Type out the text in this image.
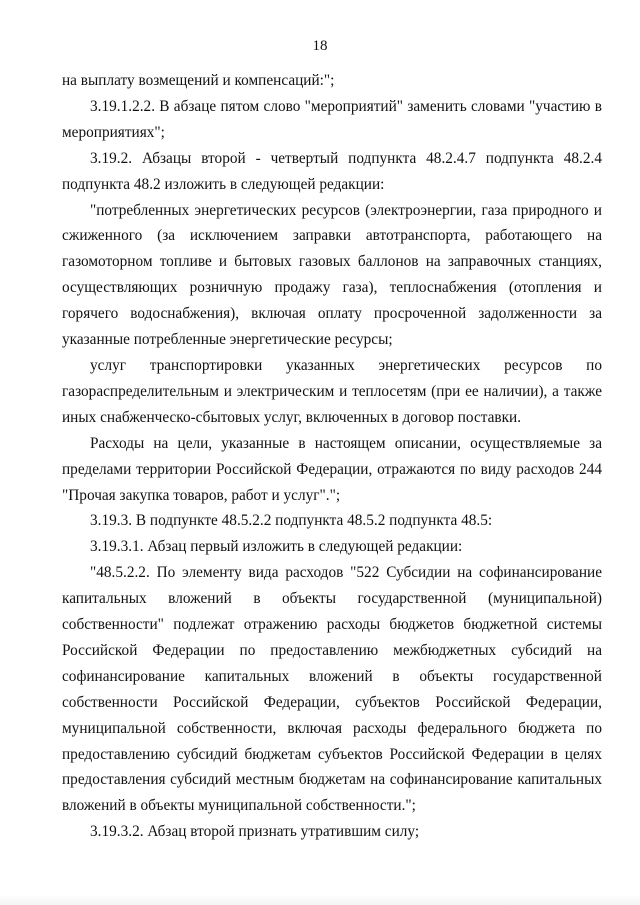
18

на выплату возмещений и компенсаций:";

3.19.1.2.2. В абзаце пятом слово "мероприятий" заменить словами "участию в мероприятиях";

3.19.2. Абзацы второй - четвертый подпункта 48.2.4.7 подпункта 48.2.4 подпункта 48.2 изложить в следующей редакции:

"потребленных энергетических ресурсов (электроэнергии, газа природного и сжиженного (за исключением заправки автотранспорта, работающего на газомоторном топливе и бытовых газовых баллонов на заправочных станциях, осуществляющих розничную продажу газа), теплоснабжения (отопления и горячего водоснабжения), включая оплату просроченной задолженности за указанные потребленные энергетические ресурсы;

услуг транспортировки указанных энергетических ресурсов по газораспределительным и электрическим и теплосетям (при ее наличии), а также иных снабженческо-сбытовых услуг, включенных в договор поставки.

Расходы на цели, указанные в настоящем описании, осуществляемые за пределами территории Российской Федерации, отражаются по виду расходов 244 "Прочая закупка товаров, работ и услуг".";

3.19.3. В подпункте 48.5.2.2 подпункта 48.5.2 подпункта 48.5:

3.19.3.1. Абзац первый изложить в следующей редакции:

"48.5.2.2. По элементу вида расходов "522 Субсидии на софинансирование капитальных вложений в объекты государственной (муниципальной) собственности" подлежат отражению расходы бюджетов бюджетной системы Российской Федерации по предоставлению межбюджетных субсидий на софинансирование капитальных вложений в объекты государственной собственности Российской Федерации, субъектов Российской Федерации, муниципальной собственности, включая расходы федерального бюджета по предоставлению субсидий бюджетам субъектов Российской Федерации в целях предоставления субсидий местным бюджетам на софинансирование капитальных вложений в объекты муниципальной собственности.";

3.19.3.2. Абзац второй признать утратившим силу;
